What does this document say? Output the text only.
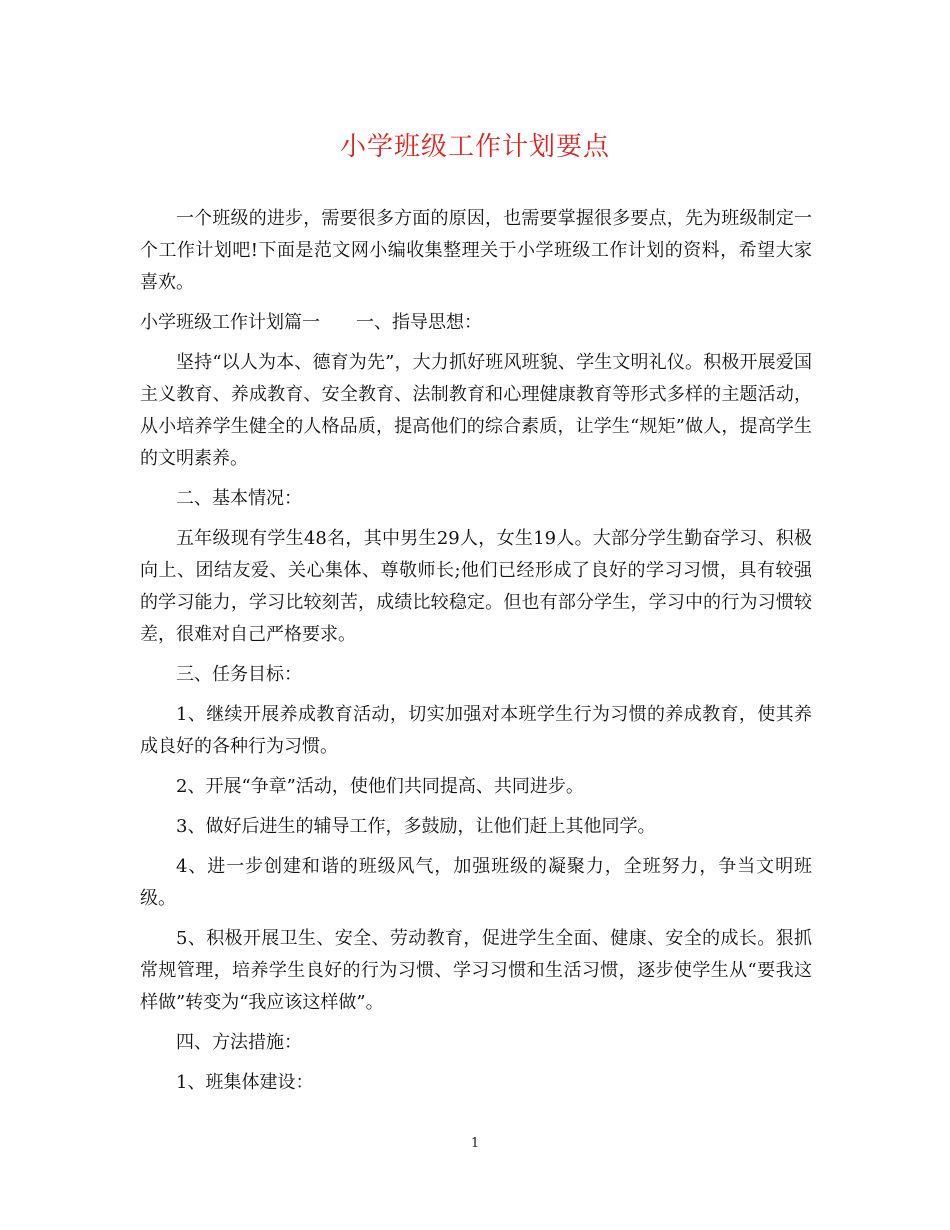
小学班级工作计划要点

一个班级的进步，需要很多方面的原因，也需要掌握很多要点，先为班级制定一个工作计划吧!下面是范文网小编收集整理关于小学班级工作计划的资料，希望大家喜欢。

小学班级工作计划篇一　　一、指导思想：

坚持“以人为本、德育为先”，大力抓好班风班貌、学生文明礼仪。积极开展爱国主义教育、养成教育、安全教育、法制教育和心理健康教育等形式多样的主题活动，从小培养学生健全的人格品质，提高他们的综合素质，让学生“规矩”做人，提高学生的文明素养。

二、基本情况：

五年级现有学生48名，其中男生29人，女生19人。大部分学生勤奋学习、积极向上、团结友爱、关心集体、尊敬师长;他们已经形成了良好的学习习惯，具有较强的学习能力，学习比较刻苦，成绩比较稳定。但也有部分学生，学习中的行为习惯较差，很难对自己严格要求。

三、任务目标：

1、继续开展养成教育活动，切实加强对本班学生行为习惯的养成教育，使其养成良好的各种行为习惯。

2、开展“争章”活动，使他们共同提高、共同进步。

3、做好后进生的辅导工作，多鼓励，让他们赶上其他同学。

4、进一步创建和谐的班级风气，加强班级的凝聚力，全班努力，争当文明班级。

5、积极开展卫生、安全、劳动教育，促进学生全面、健康、安全的成长。狠抓常规管理，培养学生良好的行为习惯、学习习惯和生活习惯，逐步使学生从“要我这样做”转变为“我应该这样做”。

四、方法措施：

1、班集体建设：

1
